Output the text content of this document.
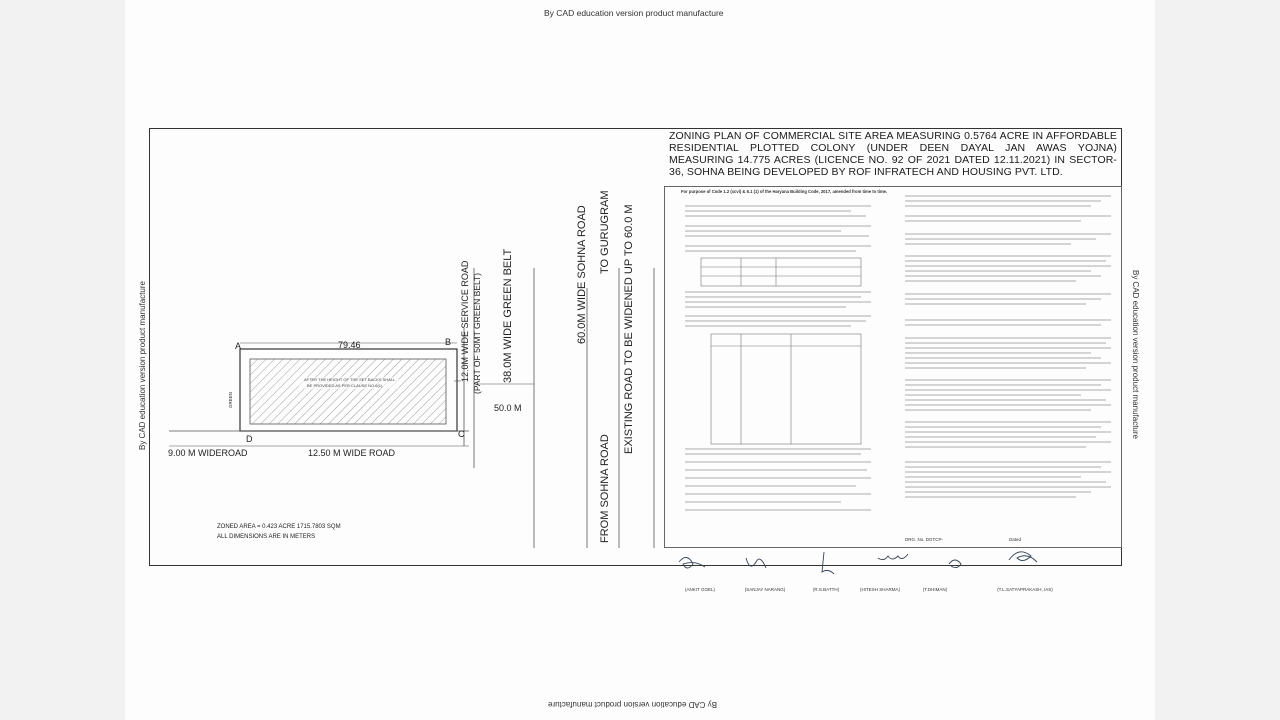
By CAD education version product manufacture
By CAD education version product manufacture
By CAD education version product manufacture	By CAD education version product manufacture
AFTER THE HEIGHT OF THE SET BACKS SHALL
BE PROVIDED AS PER CLAUSE NO.6(1)
79.46
A	B
C
D
GREEN
12.0M WIDE SERVICE ROAD (PART OF 50MT GREEN BELT) 38.0M WIDE GREEN BELT
50.0 M
60.0M WIDE SOHNA ROAD TO GURUGRAM EXISTING ROAD TO BE WIDENED UP TO 60.0 M
FROM SOHNA ROAD
9.00 M WIDEROAD	12.50 M WIDE ROAD
ZONED AREA = 0.423 ACRE 1715.7803 SQM
ALL DIMENSIONS ARE IN METERS
ZONING PLAN OF COMMERCIAL SITE AREA MEASURING 0.5764 ACRE IN AFFORDABLE RESIDENTIAL PLOTTED COLONY (UNDER DEEN DAYAL JAN AWAS YOJNA) MEASURING 14.775 ACRES (LICENCE NO. 92 OF 2021 DATED 12.11.2021) IN SECTOR-36, SOHNA BEING DEVELOPED BY ROF INFRATECH AND HOUSING PVT. LTD.
For purpose of Code 1.2 (xcvi) & 6.1 (1) of the Haryana Building Code, 2017, amended from time to time.
DRG. No. DGTCP-	Dated
(ANKIT GOEL)	(SANJAY NARANG)	(R.S.BATTH)	(HITESH SHARMA)	(T.DHIMAN)	(T.L.SATYAPRAKASH, IAS)
